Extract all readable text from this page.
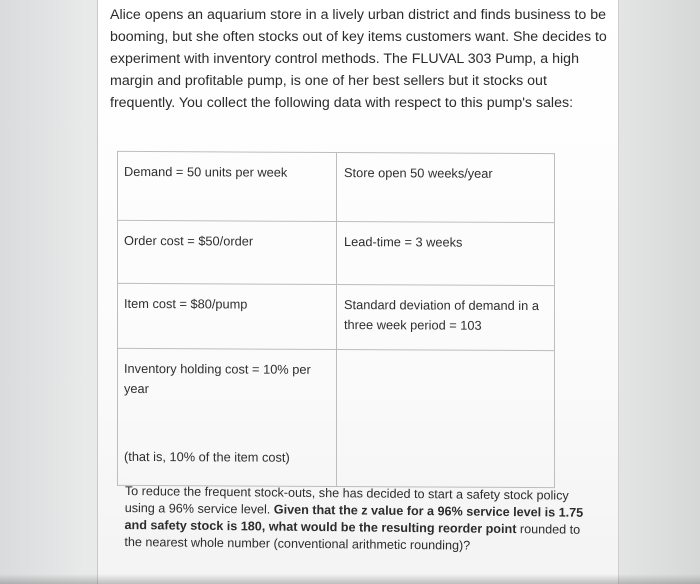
Alice opens an aquarium store in a lively urban district and finds business to be booming, but she often stocks out of key items customers want. She decides to experiment with inventory control methods. The FLUVAL 303 Pump, a high margin and profitable pump, is one of her best sellers but it stocks out frequently. You collect the following data with respect to this pump's sales:

Demand = 50 units per week	Store open 50 weeks/year

Order cost = $50/order	Lead-time = 3 weeks

Item cost = $80/pump	Standard deviation of demand in a three week period = 103

Inventory holding cost = 10% per year
(that is, 10% of the item cost)	

To reduce the frequent stock-outs, she has decided to start a safety stock policy using a 96% service level. Given that the z value for a 96% service level is 1.75 and safety stock is 180, what would be the resulting reorder point rounded to the nearest whole number (conventional arithmetic rounding)?
